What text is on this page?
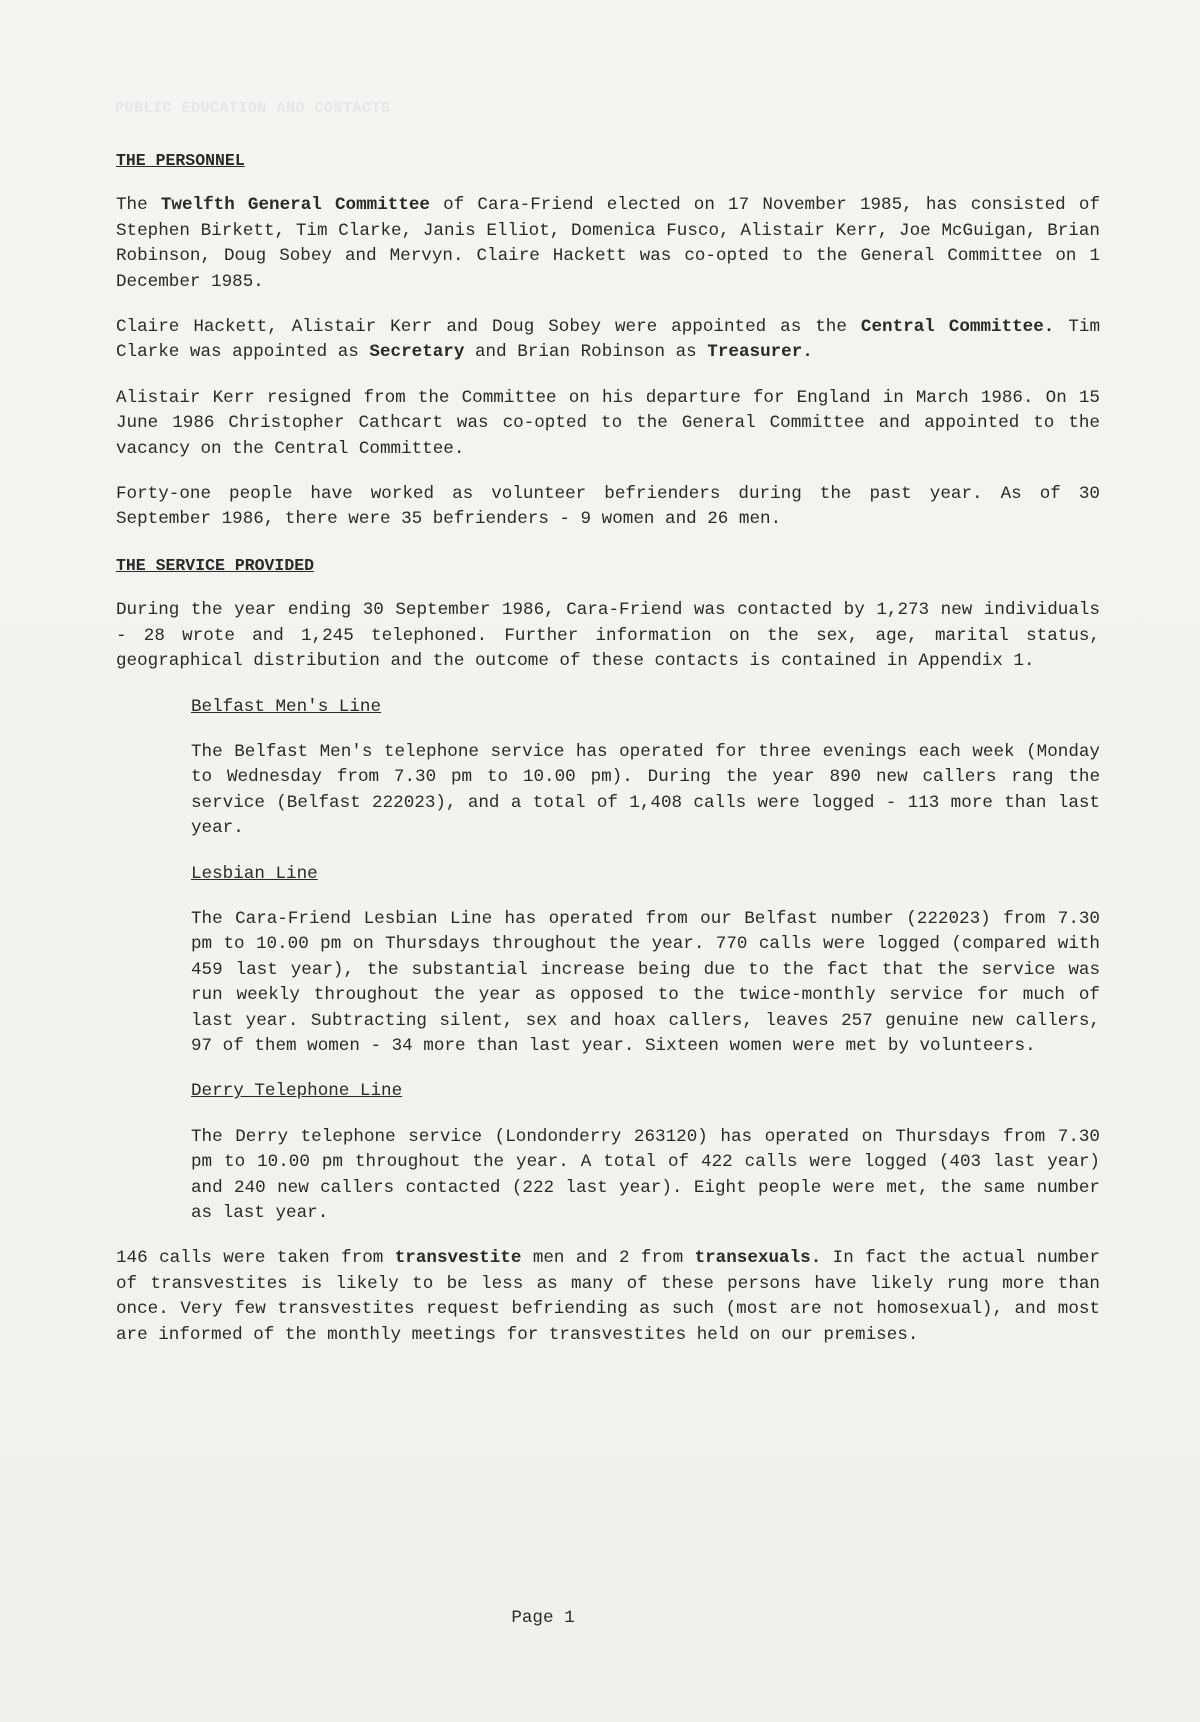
PUBLIC EDUCATION AND CONTACTS
THE PERSONNEL

The Twelfth General Committee of Cara-Friend elected on 17 November 1985, has consisted of Stephen Birkett, Tim Clarke, Janis Elliot, Domenica Fusco, Alistair Kerr, Joe McGuigan, Brian Robinson, Doug Sobey and Mervyn. Claire Hackett was co-opted to the General Committee on 1 December 1985.

Claire Hackett, Alistair Kerr and Doug Sobey were appointed as the Central Committee. Tim Clarke was appointed as Secretary and Brian Robinson as Treasurer.

Alistair Kerr resigned from the Committee on his departure for England in March 1986. On 15 June 1986 Christopher Cathcart was co-opted to the General Committee and appointed to the vacancy on the Central Committee.

Forty-one people have worked as volunteer befrienders during the past year. As of 30 September 1986, there were 35 befrienders - 9 women and 26 men.

THE SERVICE PROVIDED

During the year ending 30 September 1986, Cara-Friend was contacted by 1,273 new individuals - 28 wrote and 1,245 telephoned. Further information on the sex, age, marital status, geographical distribution and the outcome of these contacts is contained in Appendix 1.

Belfast Men's Line

The Belfast Men's telephone service has operated for three evenings each week (Monday to Wednesday from 7.30 pm to 10.00 pm). During the year 890 new callers rang the service (Belfast 222023), and a total of 1,408 calls were logged - 113 more than last year.

Lesbian Line

The Cara-Friend Lesbian Line has operated from our Belfast number (222023) from 7.30 pm to 10.00 pm on Thursdays throughout the year. 770 calls were logged (compared with 459 last year), the substantial increase being due to the fact that the service was run weekly throughout the year as opposed to the twice-monthly service for much of last year. Subtracting silent, sex and hoax callers, leaves 257 genuine new callers, 97 of them women - 34 more than last year. Sixteen women were met by volunteers.

Derry Telephone Line

The Derry telephone service (Londonderry 263120) has operated on Thursdays from 7.30 pm to 10.00 pm throughout the year. A total of 422 calls were logged (403 last year) and 240 new callers contacted (222 last year). Eight people were met, the same number as last year.

146 calls were taken from transvestite men and 2 from transexuals. In fact the actual number of transvestites is likely to be less as many of these persons have likely rung more than once. Very few transvestites request befriending as such (most are not homosexual), and most are informed of the monthly meetings for transvestites held on our premises.

Page 1
